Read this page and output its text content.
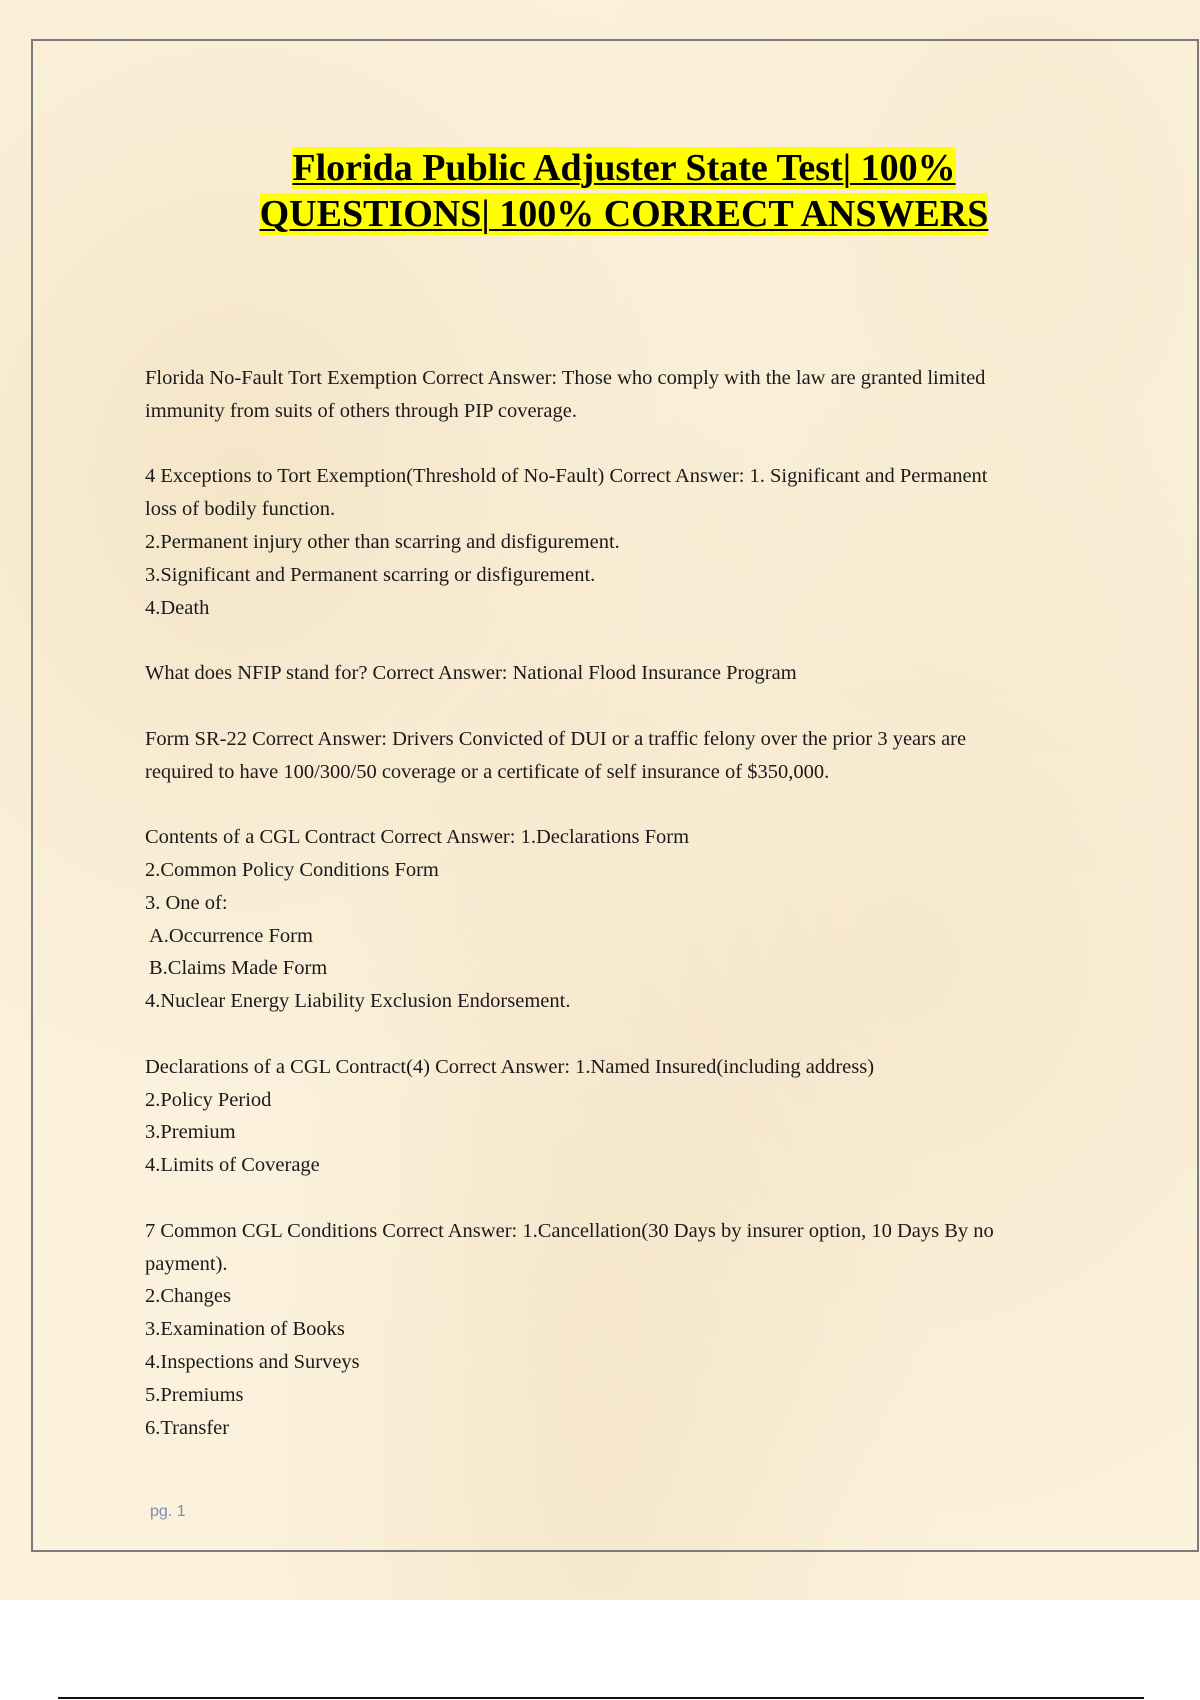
Florida Public Adjuster State Test| 100%
QUESTIONS| 100% CORRECT ANSWERS
Florida No-Fault Tort Exemption Correct Answer: Those who comply with the law are granted limited
immunity from suits of others through PIP coverage.
4 Exceptions to Tort Exemption(Threshold of No-Fault) Correct Answer: 1. Significant and Permanent
loss of bodily function.
2.Permanent injury other than scarring and disfigurement.
3.Significant and Permanent scarring or disfigurement.
4.Death
What does NFIP stand for? Correct Answer: National Flood Insurance Program
Form SR-22 Correct Answer: Drivers Convicted of DUI or a traffic felony over the prior 3 years are
required to have 100/300/50 coverage or a certificate of self insurance of $350,000.
Contents of a CGL Contract Correct Answer: 1.Declarations Form
2.Common Policy Conditions Form
3. One of:
A.Occurrence Form
B.Claims Made Form
4.Nuclear Energy Liability Exclusion Endorsement.
Declarations of a CGL Contract(4) Correct Answer: 1.Named Insured(including address)
2.Policy Period
3.Premium
4.Limits of Coverage
7 Common CGL Conditions Correct Answer: 1.Cancellation(30 Days by insurer option, 10 Days By no
payment).
2.Changes
3.Examination of Books
4.Inspections and Surveys
5.Premiums
6.Transfer
pg. 1
